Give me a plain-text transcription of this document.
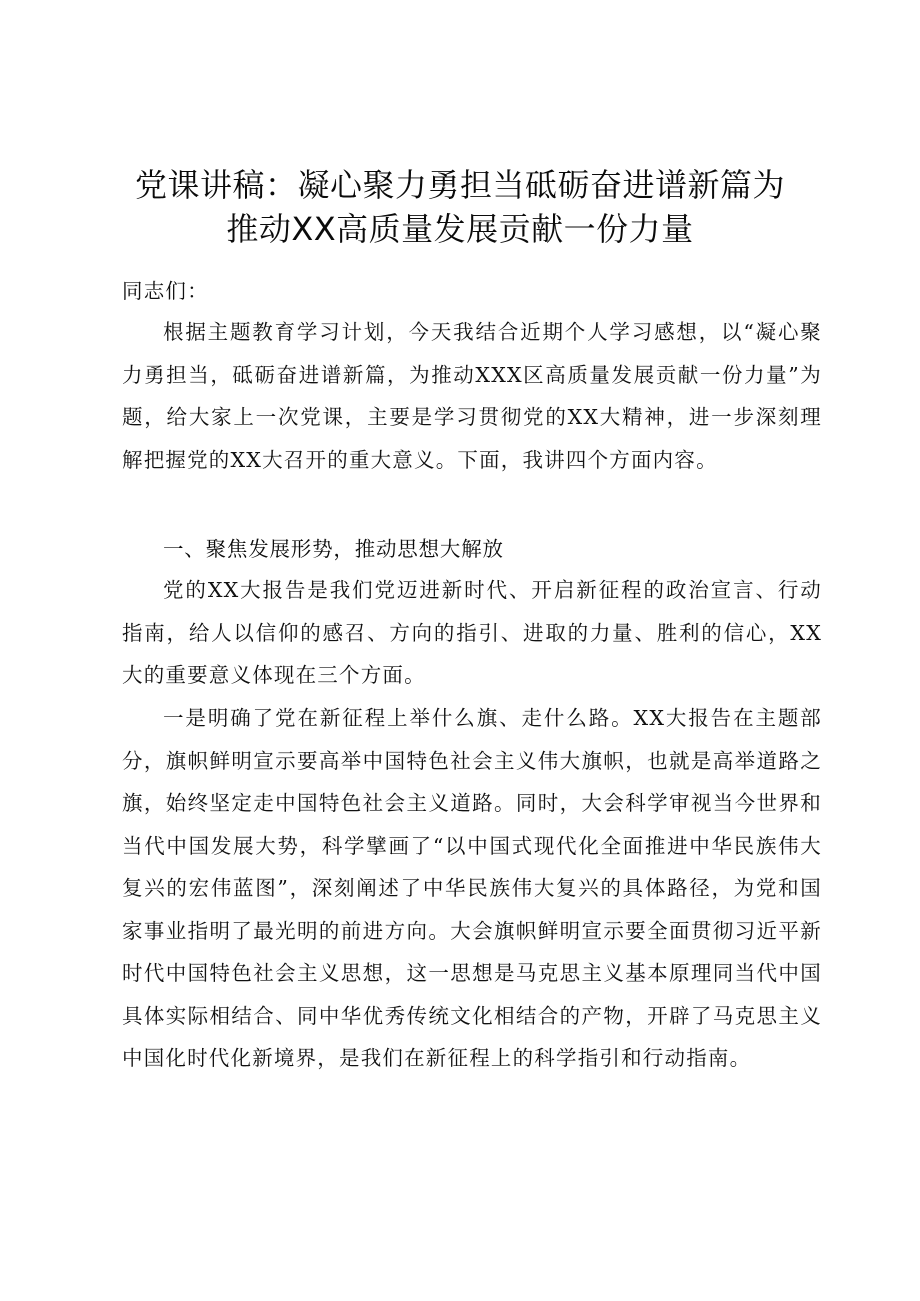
党课讲稿：凝心聚力勇担当砥砺奋进谱新篇为
推动XX高质量发展贡献一份力量
同志们：

根据主题教育学习计划，今天我结合近期个人学习感想，以“凝心聚力勇担当，砥砺奋进谱新篇，为推动XXX区高质量发展贡献一份力量”为题，给大家上一次党课，主要是学习贯彻党的XX大精神，进一步深刻理解把握党的XX大召开的重大意义。下面，我讲四个方面内容。

一、聚焦发展形势，推动思想大解放

党的XX大报告是我们党迈进新时代、开启新征程的政治宣言、行动指南，给人以信仰的感召、方向的指引、进取的力量、胜利的信心，XX大的重要意义体现在三个方面。

一是明确了党在新征程上举什么旗、走什么路。XX大报告在主题部分，旗帜鲜明宣示要高举中国特色社会主义伟大旗帜，也就是高举道路之旗，始终坚定走中国特色社会主义道路。同时，大会科学审视当今世界和当代中国发展大势，科学擘画了“以中国式现代化全面推进中华民族伟大复兴的宏伟蓝图”，深刻阐述了中华民族伟大复兴的具体路径，为党和国家事业指明了最光明的前进方向。大会旗帜鲜明宣示要全面贯彻习近平新时代中国特色社会主义思想，这一思想是马克思主义基本原理同当代中国具体实际相结合、同中华优秀传统文化相结合的产物，开辟了马克思主义中国化时代化新境界，是我们在新征程上的科学指引和行动指南。
